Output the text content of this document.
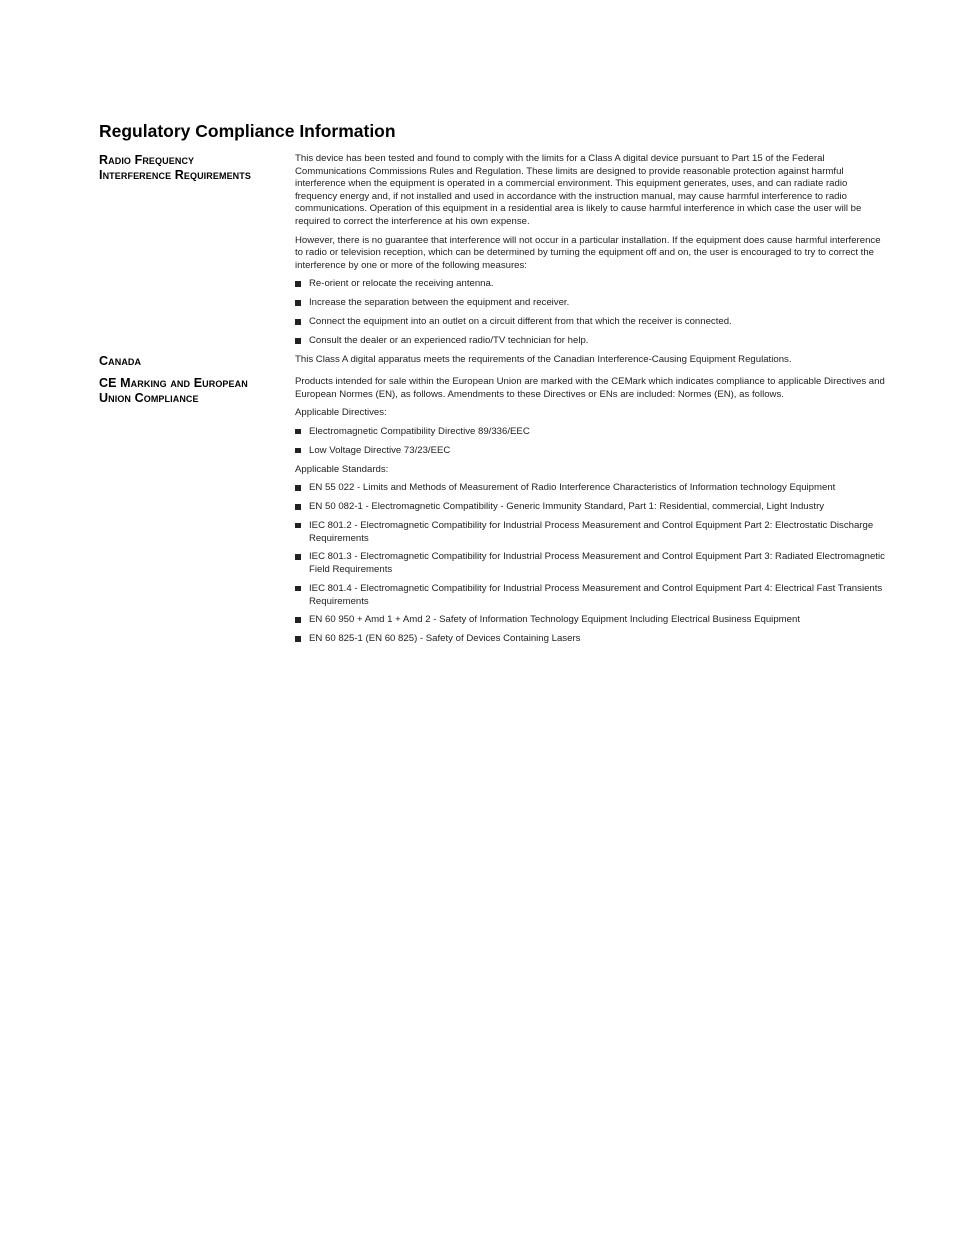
Regulatory Compliance Information
Radio Frequency
Interference Requirements

This device has been tested and found to comply with the limits for a Class A digital device pursuant to Part 15 of the Federal Communications Commissions Rules and Regulation. These limits are designed to provide reasonable protection against harmful interference when the equipment is operated in a commercial environment. This equipment generates, uses, and can radiate radio frequency energy and, if not installed and used in accordance with the instruction manual, may cause harmful interference to radio communications. Operation of this equipment in a residential area is likely to cause harmful interference in which case the user will be required to correct the interference at his own expense.

However, there is no guarantee that interference will not occur in a particular installation. If the equipment does cause harmful interference to radio or television reception, which can be determined by turning the equipment off and on, the user is encouraged to try to correct the interference by one or more of the following measures:

Re-orient or relocate the receiving antenna.
Increase the separation between the equipment and receiver.
Connect the equipment into an outlet on a circuit different from that which the receiver is connected.
Consult the dealer or an experienced radio/TV technician for help.
Canada	This Class A digital apparatus meets the requirements of the Canadian Interference-Causing Equipment Regulations.

CE Marking and European
Union Compliance

Products intended for sale within the European Union are marked with the CEMark which indicates compliance to applicable Directives and European Normes (EN), as follows. Amendments to these Directives or ENs are included: Normes (EN), as follows.

Applicable Directives:

Electromagnetic Compatibility Directive 89/336/EEC
Low Voltage Directive 73/23/EEC

Applicable Standards:

EN 55 022 - Limits and Methods of Measurement of Radio Interference Characteristics of Information technology Equipment
EN 50 082-1 - Electromagnetic Compatibility - Generic Immunity Standard, Part 1: Residential, commercial, Light Industry
IEC 801.2 - Electromagnetic Compatibility for Industrial Process Measurement and Control Equipment Part 2: Electrostatic Discharge Requirements
IEC 801.3 - Electromagnetic Compatibility for Industrial Process Measurement and Control Equipment Part 3: Radiated Electromagnetic Field Requirements
IEC 801.4 - Electromagnetic Compatibility for Industrial Process Measurement and Control Equipment Part 4: Electrical Fast Transients Requirements
EN 60 950 + Amd 1 + Amd 2 - Safety of Information Technology Equipment Including Electrical Business Equipment
EN 60 825-1 (EN 60 825) - Safety of Devices Containing Lasers
